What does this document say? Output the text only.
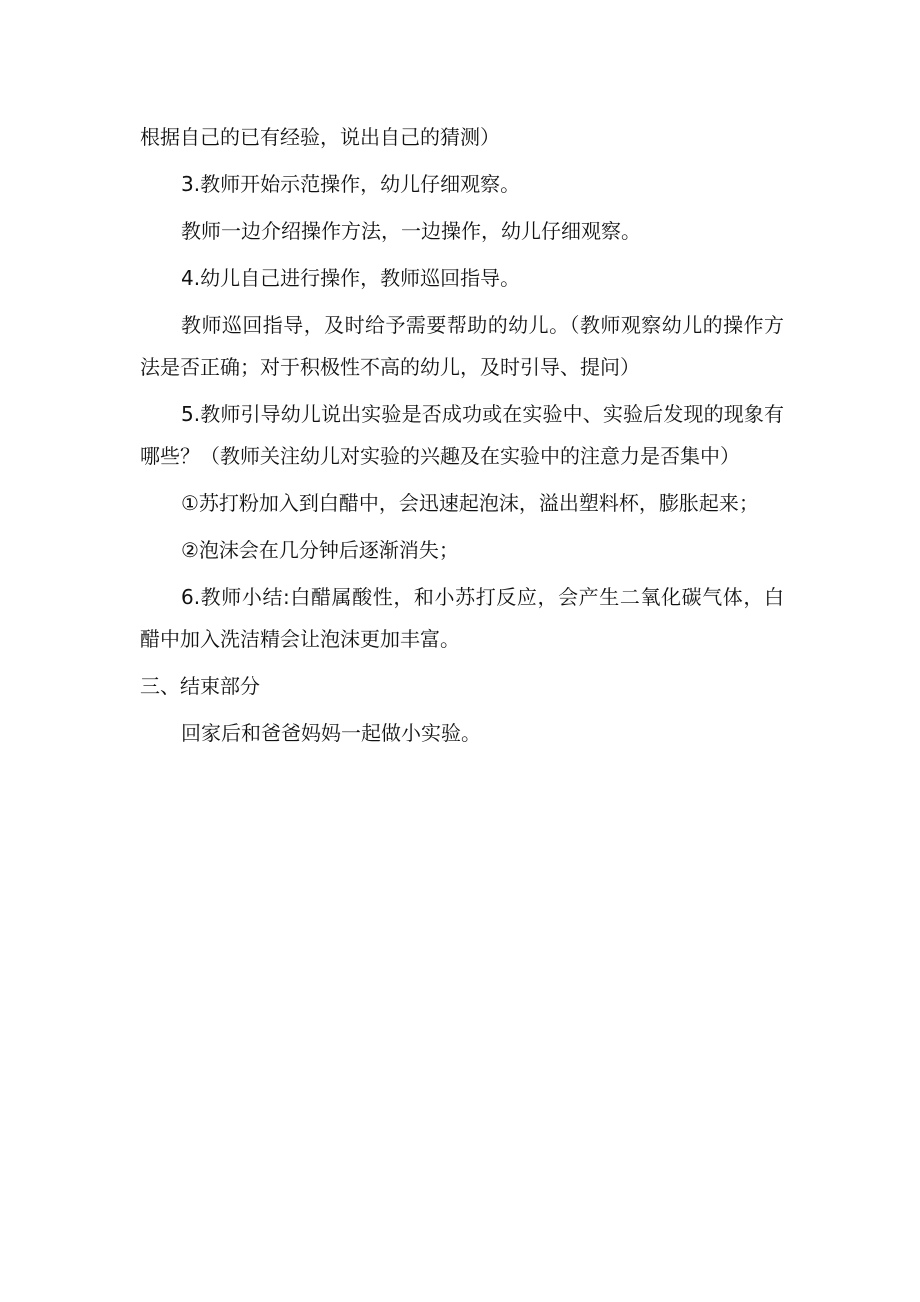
根据自己的已有经验，说出自己的猜测）

3.教师开始示范操作，幼儿仔细观察。

教师一边介绍操作方法，一边操作，幼儿仔细观察。

4.幼儿自己进行操作，教师巡回指导。

教师巡回指导，及时给予需要帮助的幼儿。（教师观察幼儿的操作方法是否正确；对于积极性不高的幼儿，及时引导、提问）

5.教师引导幼儿说出实验是否成功或在实验中、实验后发现的现象有哪些？（教师关注幼儿对实验的兴趣及在实验中的注意力是否集中）

①苏打粉加入到白醋中，会迅速起泡沫，溢出塑料杯，膨胀起来；

②泡沫会在几分钟后逐渐消失；

6.教师小结:白醋属酸性，和小苏打反应，会产生二氧化碳气体，白醋中加入洗洁精会让泡沫更加丰富。

三、结束部分

回家后和爸爸妈妈一起做小实验。
